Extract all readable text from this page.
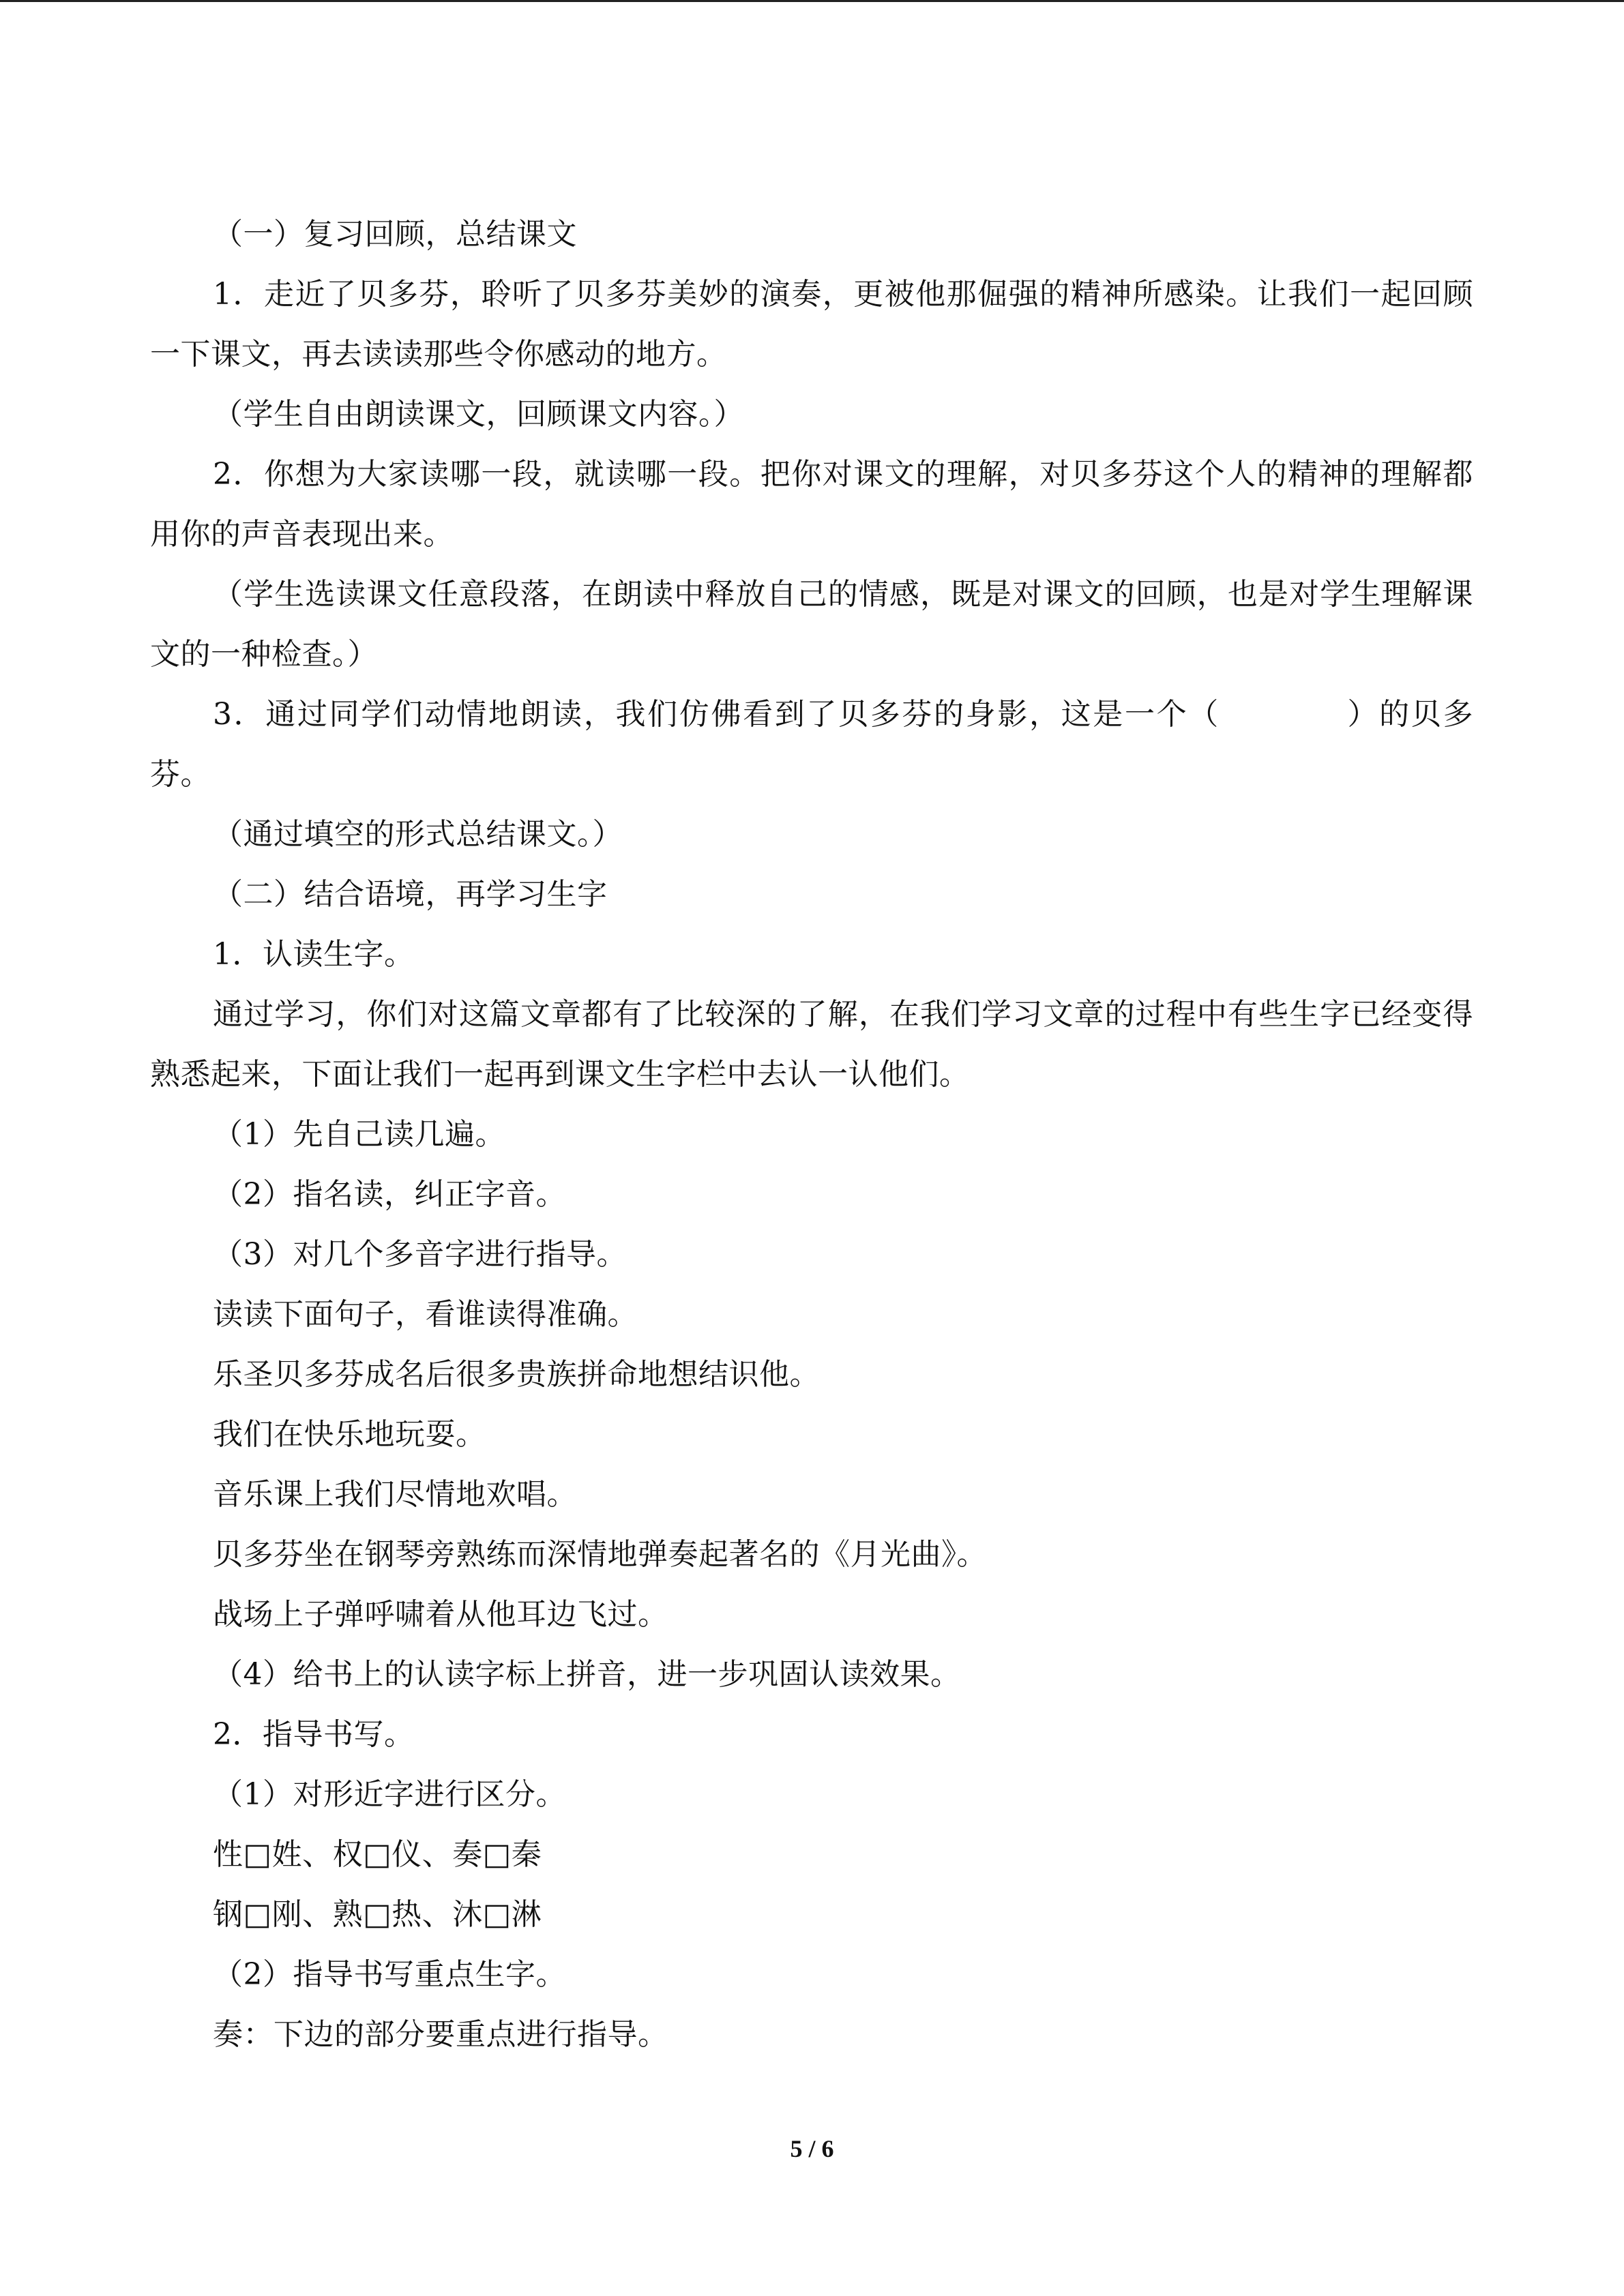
（一）复习回顾，总结课文
1．走近了贝多芬，聆听了贝多芬美妙的演奏，更被他那倔强的精神所感染。让我们一起回顾一下课文，再去读读那些令你感动的地方。
（学生自由朗读课文，回顾课文内容。）
2．你想为大家读哪一段，就读哪一段。把你对课文的理解，对贝多芬这个人的精神的理解都用你的声音表现出来。
（学生选读课文任意段落，在朗读中释放自己的情感，既是对课文的回顾，也是对学生理解课文的一种检查。）
3．通过同学们动情地朗读，我们仿佛看到了贝多芬的身影，这是一个（　　　　）的贝多芬。
（通过填空的形式总结课文。）
（二）结合语境，再学习生字
1．认读生字。
通过学习，你们对这篇文章都有了比较深的了解，在我们学习文章的过程中有些生字已经变得熟悉起来，下面让我们一起再到课文生字栏中去认一认他们。
（1）先自己读几遍。
（2）指名读，纠正字音。
（3）对几个多音字进行指导。
读读下面句子，看谁读得准确。
乐圣贝多芬成名后很多贵族拼命地想结识他。
我们在快乐地玩耍。
音乐课上我们尽情地欢唱。
贝多芬坐在钢琴旁熟练而深情地弹奏起著名的《月光曲》。
战场上子弹呼啸着从他耳边飞过。
（4）给书上的认读字标上拼音，进一步巩固认读效果。
2．指导书写。
（1）对形近字进行区分。
性□姓、权□仪、奏□秦
钢□刚、熟□热、沐□淋
（2）指导书写重点生字。
奏：下边的部分要重点进行指导。
5 / 6
